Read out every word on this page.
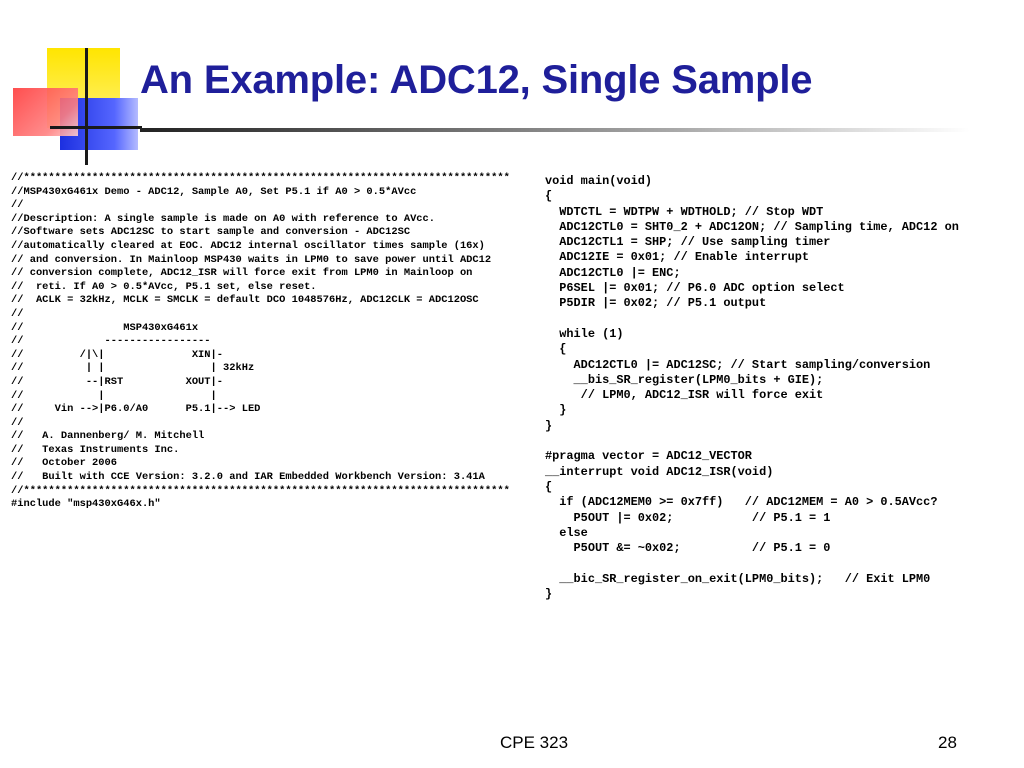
An Example: ADC12, Single Sample
//******************************************************************************
//MSP430xG461x Demo - ADC12, Sample A0, Set P5.1 if A0 > 0.5*AVcc
//
//Description: A single sample is made on A0 with reference to AVcc.
//Software sets ADC12SC to start sample and conversion - ADC12SC
//automatically cleared at EOC. ADC12 internal oscillator times sample (16x)
// and conversion. In Mainloop MSP430 waits in LPM0 to save power until ADC12
// conversion complete, ADC12_ISR will force exit from LPM0 in Mainloop on
//  reti. If A0 > 0.5*AVcc, P5.1 set, else reset.
//  ACLK = 32kHz, MCLK = SMCLK = default DCO 1048576Hz, ADC12CLK = ADC12OSC
//
//                MSP430xG461x
//             -----------------
//         /|\|              XIN|-
//          | |                 | 32kHz
//          --|RST          XOUT|-
//            |                 |
//     Vin -->|P6.0/A0      P5.1|--> LED
//
//   A. Dannenberg/ M. Mitchell
//   Texas Instruments Inc.
//   October 2006
//   Built with CCE Version: 3.2.0 and IAR Embedded Workbench Version: 3.41A
//******************************************************************************
#include "msp430xG46x.h"
void main(void)
{
WDTCTL = WDTPW + WDTHOLD; // Stop WDT
ADC12CTL0 = SHT0_2 + ADC12ON; // Sampling time, ADC12 on
ADC12CTL1 = SHP; // Use sampling timer
ADC12IE = 0x01; // Enable interrupt
ADC12CTL0 |= ENC;
P6SEL |= 0x01; // P6.0 ADC option select
P5DIR |= 0x02; // P5.1 output

while (1)
{
ADC12CTL0 |= ADC12SC; // Start sampling/conversion
__bis_SR_register(LPM0_bits + GIE);
// LPM0, ADC12_ISR will force exit
}
}

#pragma vector = ADC12_VECTOR
__interrupt void ADC12_ISR(void)
{
if (ADC12MEM0 >= 0x7ff)   // ADC12MEM = A0 > 0.5AVcc?
P5OUT |= 0x02;           // P5.1 = 1
else
P5OUT &= ~0x02;          // P5.1 = 0

__bic_SR_register_on_exit(LPM0_bits);   // Exit LPM0
}
CPE 323	28
